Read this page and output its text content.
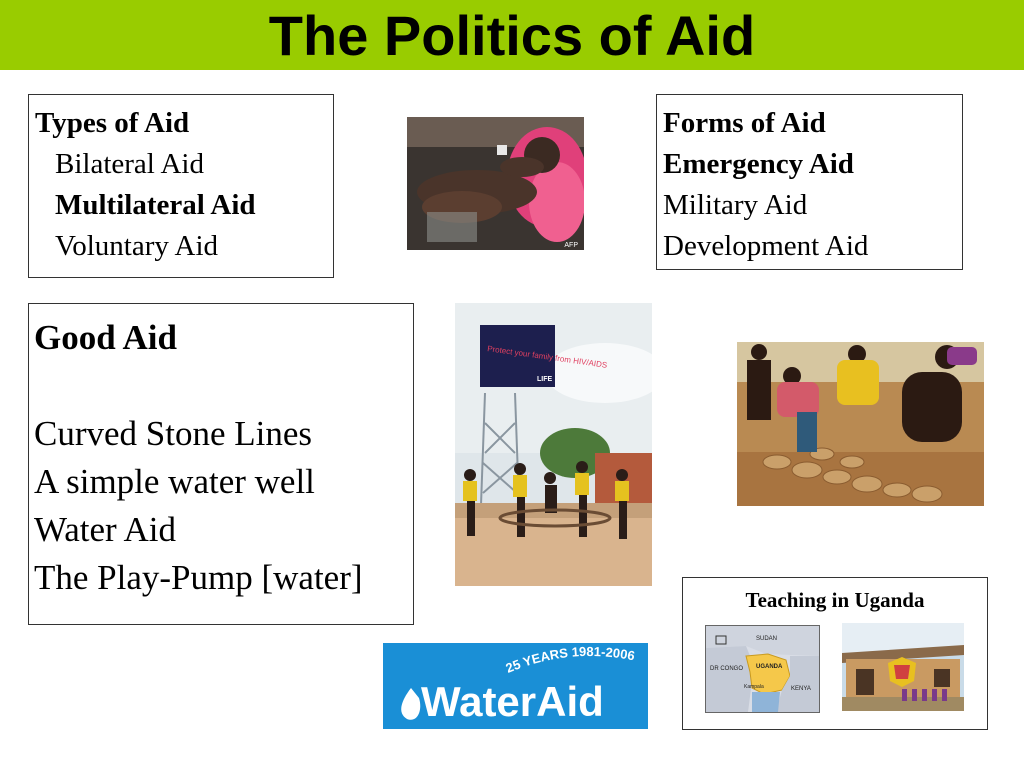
The Politics of Aid
Types of Aid
Bilateral Aid
Multilateral Aid
Voluntary Aid
Forms of Aid
Emergency Aid
Military Aid
Development Aid
Good Aid
Curved Stone Lines
A simple water well
Water Aid
The Play-Pump [water]
AFP
Protect your family from HIV/AIDS
LIFE
25 YEARS 1981-2006
WaterAid
Teaching in Uganda
SUDAN
DR CONGO UGANDA
Kampala	KENYA
